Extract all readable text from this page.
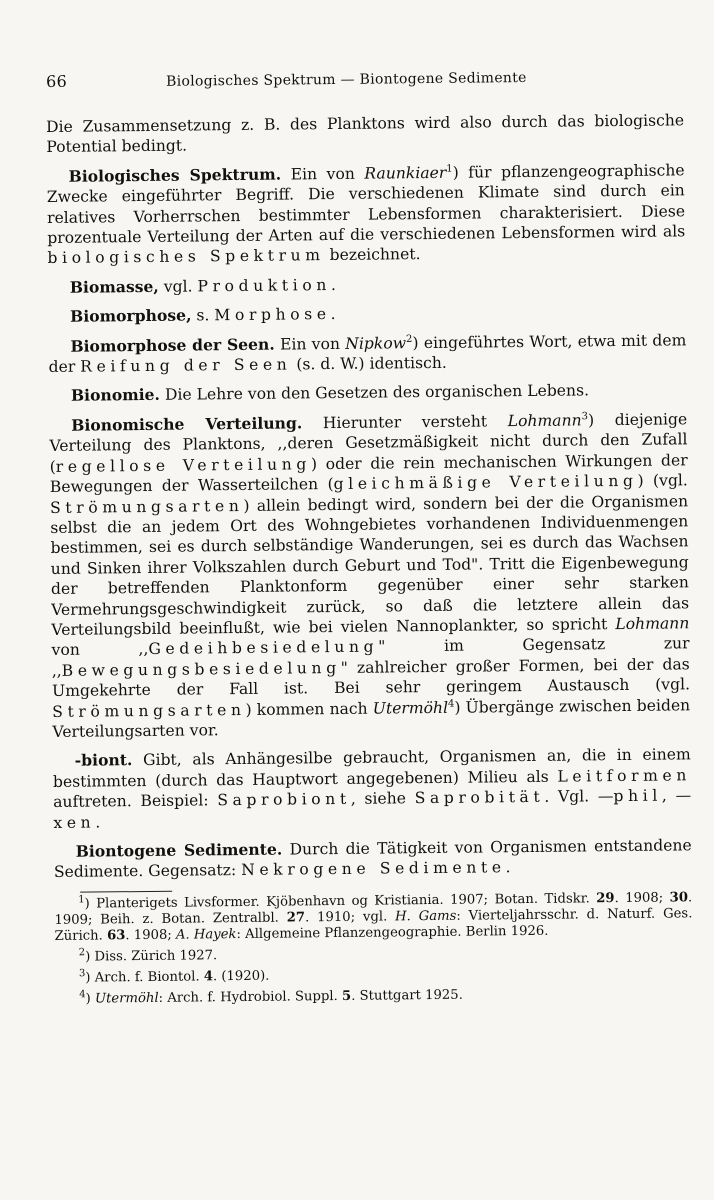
66	Biologisches Spektrum — Biontogene Sedimente

Die Zusammensetzung z. B. des Planktons wird also durch das biologische Potential bedingt.

Biologisches Spektrum. Ein von Raunkiaer$^1$) für pflanzengeographische Zwecke eingeführter Begriff. Die verschiedenen Klimate sind durch ein relatives Vorherrschen bestimmter Lebensformen charakterisiert. Diese prozentuale Verteilung der Arten auf die verschiedenen Lebensformen wird als biologisches Spektrum bezeichnet.

Biomasse, vgl. Produktion.

Biomorphose, s. Morphose.

Biomorphose der Seen. Ein von Nipkow$^2$) eingeführtes Wort, etwa mit dem der Reifung der Seen (s. d. W.) identisch.

Bionomie. Die Lehre von den Gesetzen des organischen Lebens.

Bionomische Verteilung. Hierunter versteht Lohmann$^3$) diejenige Verteilung des Planktons, ,,deren Gesetzmäßigkeit nicht durch den Zufall (regellose Verteilung) oder die rein mechanischen Wirkungen der Bewegungen der Wasserteilchen (gleichmäßige Verteilung) (vgl. Strömungsarten) allein bedingt wird, sondern bei der die Organismen selbst die an jedem Ort des Wohngebietes vorhandenen Individuenmengen bestimmen, sei es durch selbständige Wanderungen, sei es durch das Wachsen und Sinken ihrer Volkszahlen durch Geburt und Tod". Tritt die Eigenbewegung der betreffenden Planktonform gegenüber einer sehr starken Vermehrungsgeschwindigkeit zurück, so daß die letztere allein das Verteilungsbild beeinflußt, wie bei vielen Nannoplankter, so spricht Lohmann von ,,Gedeihbesiedelung" im Gegensatz zur ,,Bewegungsbesiedelung" zahlreicher großer Formen, bei der das Umgekehrte der Fall ist. Bei sehr geringem Austausch (vgl. Strömungsarten) kommen nach Utermöhl$^4$) Übergänge zwischen beiden Verteilungsarten vor.

-biont. Gibt, als Anhängesilbe gebraucht, Organismen an, die in einem bestimmten (durch das Hauptwort angegebenen) Milieu als Leitformen auftreten. Beispiel: Saprobiont, siehe Saprobität. Vgl. —phil, —xen.

Biontogene Sedimente. Durch die Tätigkeit von Organismen entstandene Sedimente. Gegensatz: Nekrogene Sedimente.

$^1$) Planterigets Livsformer. Kjöbenhavn og Kristiania. 1907; Botan. Tidskr. 29. 1908; 30. 1909; Beih. z. Botan. Zentralbl. 27. 1910; vgl. H. Gams: Vierteljahrsschr. d. Naturf. Ges. Zürich. 63. 1908; A. Hayek: Allgemeine Pflanzengeographie. Berlin 1926.

$^2$) Diss. Zürich 1927.

$^3$) Arch. f. Biontol. 4. (1920).

$^4$) Utermöhl: Arch. f. Hydrobiol. Suppl. 5. Stuttgart 1925.
